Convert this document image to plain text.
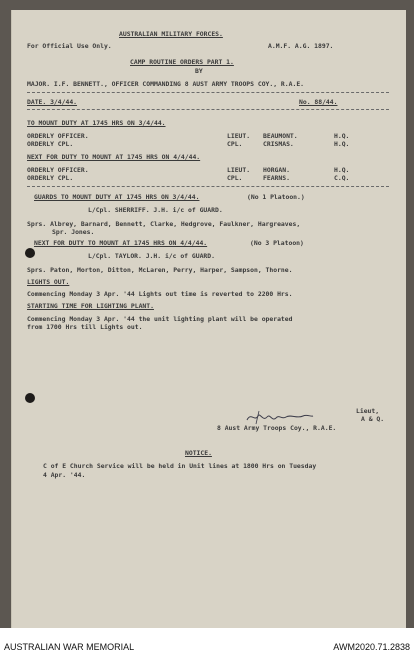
AUSTRALIAN MILITARY FORCES.
For Official Use Only.	A.M.F. A.G. 1897.
CAMP ROUTINE ORDERS PART 1.
BY
MAJOR. I.F. BENNETT., OFFICER COMMANDING 8 AUST ARMY TROOPS COY., R.A.E.
DATE. 3/4/44.	No. 88/44.
TO MOUNT DUTY AT 1745 HRS ON 3/4/44.
ORDERLY OFFICER.	LIEUT. BEAUMONT.	H.Q.
ORDERLY CPL.	CPL.	CRISMAS.	H.Q.
NEXT FOR DUTY TO MOUNT AT 1745 HRS ON 4/4/44.
ORDERLY OFFICER.	LIEUT. HORGAN.	H.Q.
ORDERLY CPL.	CPL.	FEARNS.	C.Q.
GUARDS TO MOUNT DUTY AT 1745 HRS ON 3/4/44.	(No 1 Platoon.)
L/Cpl. SHERRIFF. J.H. i/c of GUARD.
Sprs. Albrey, Barnard, Bennett, Clarke, Hedgrove, Faulkner, Hargreaves,
Spr. Jones.
NEXT FOR DUTY TO MOUNT AT 1745 HRS ON 4/4/44.	(No 3 Platoon)
L/Cpl. TAYLOR. J.H. i/c of GUARD.
Sprs. Paton, Morton, Ditton, McLaren, Perry, Harper, Sampson, Thorne.
LIGHTS OUT.
Commencing Monday 3 Apr. '44 Lights out time is reverted to 2200 Hrs.
STARTING TIME FOR LIGHTING PLANT.
Commencing Monday 3 Apr. '44 the unit lighting plant will be operated
from 1700 Hrs till Lights out.
Lieut,
A & Q.
8 Aust Army Troops Coy., R.A.E.
NOTICE.
C of E Church Service will be held in Unit lines at 1800 Hrs on Tuesday
4 Apr. '44.
AUSTRALIAN WAR MEMORIAL	AWM2020.71.2838
